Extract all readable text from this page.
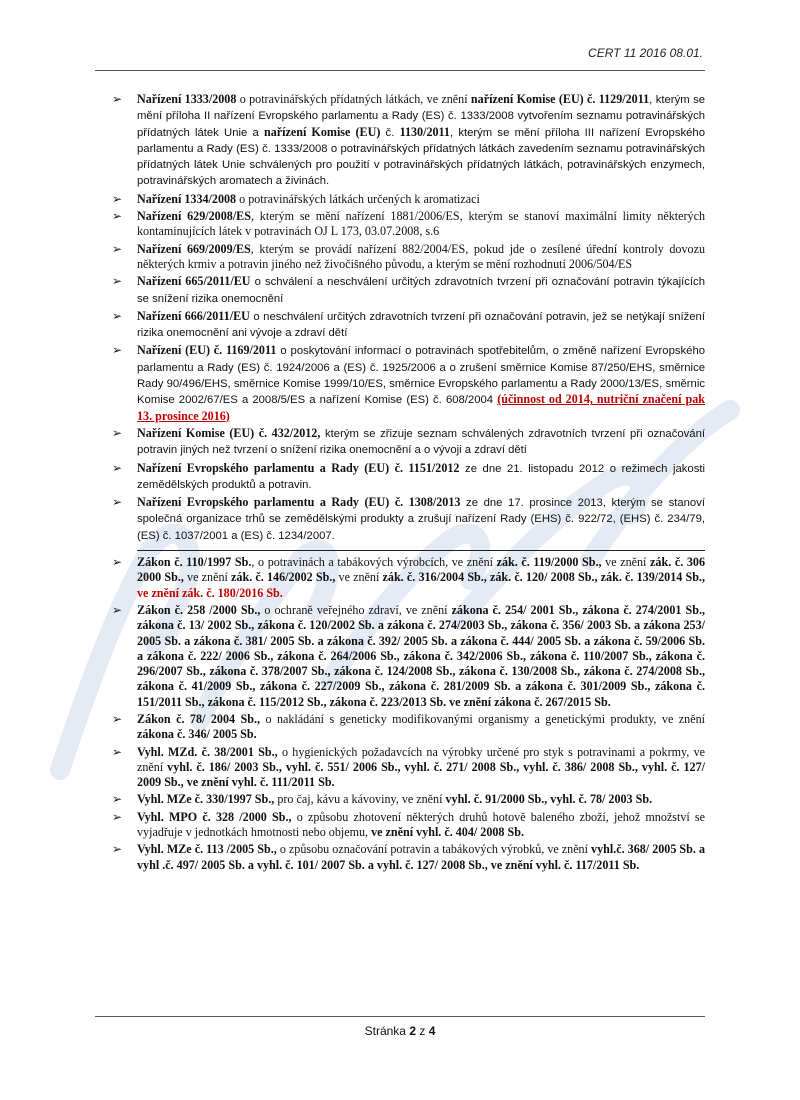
CERT 11 2016 08.01.
➢ Nařízení 1333/2008 o potravinářských přídatných látkách, ve znění nařízení Komise (EU) č. 1129/2011, kterým se mění příloha II nařízení Evropského parlamentu a Rady (ES) č. 1333/2008 vytvořením seznamu potravinářských přídatných látek Unie a nařízení Komise (EU) č. 1130/2011, kterým se mění příloha III nařízení Evropského parlamentu a Rady (ES) č. 1333/2008 o potravinářských přídatných látkách zavedením seznamu potravinářských přídatných látek Unie schválených pro použití v potravinářských přídatných látkách, potravinářských enzymech, potravinářských aromatech a živinách.
➢ Nařízení 1334/2008 o potravinářských látkách určených k aromatizaci
➢ Nařízení 629/2008/ES, kterým se mění nařízení 1881/2006/ES, kterým se stanoví maximální limity některých kontaminujících látek v potravinách OJ L 173, 03.07.2008, s.6
➢ Nařízení 669/2009/ES, kterým se provádí nařízení 882/2004/ES, pokud jde o zesílené úřední kontroly dovozu některých krmiv a potravin jiného než živočišného původu, a kterým se mění rozhodnutí 2006/504/ES
➢ Nařízení 665/2011/EU o schválení a neschválení určitých zdravotních tvrzení při označování potravin týkajících se snížení rizika onemocnění
➢ Nařízení 666/2011/EU o neschválení určitých zdravotních tvrzení při označování potravin, jež se netýkají snížení rizika onemocnění ani vývoje a zdraví dětí
➢ Nařízení (EU) č. 1169/2011 o poskytování informací o potravinách spotřebitelům, o změně nařízení Evropského parlamentu a Rady (ES) č. 1924/2006 a (ES) č. 1925/2006 a o zrušení směrnice Komise 87/250/EHS, směrnice Rady 90/496/EHS, směrnice Komise 1999/10/ES, směrnice Evropského parlamentu a Rady 2000/13/ES, směrnic Komise 2002/67/ES a 2008/5/ES a nařízení Komise (ES) č. 608/2004 (účinnost od 2014, nutriční značení pak 13. prosince 2016)
➢ Nařízení Komise (EU) č. 432/2012, kterým se zřizuje seznam schválených zdravotních tvrzení při označování potravin jiných než tvrzení o snížení rizika onemocnění a o vývoji a zdraví dětí
➢ Nařízení Evropského parlamentu a Rady (EU) č. 1151/2012 ze dne 21. listopadu 2012 o režimech jakosti zemědělských produktů a potravin.
➢ Nařízení Evropského parlamentu a Rady (EU) č. 1308/2013 ze dne 17. prosince 2013, kterým se stanoví společná organizace trhů se zemědělskými produkty a zrušují nařízení Rady (EHS) č. 922/72, (EHS) č. 234/79, (ES) č. 1037/2001 a (ES) č. 1234/2007.
➢ Zákon č. 110/1997 Sb., o potravinách a tabákových výrobcích, ve znění zák. č. 119/2000 Sb., ve znění zák. č. 306 2000 Sb., ve znění zák. č. 146/2002 Sb., ve znění zák. č. 316/2004 Sb., zák. č. 120/ 2008 Sb., zák. č. 139/2014 Sb., ve znění zák. č. 180/2016 Sb.
➢ Zákon č. 258 /2000 Sb., o ochraně veřejného zdraví, ve znění zákona č. 254/ 2001 Sb., zákona č. 274/2001 Sb., zákona č. 13/ 2002 Sb., zákona č. 120/2002 Sb. a zákona č. 274/2003 Sb., zákona č. 356/ 2003 Sb. a zákona 253/ 2005 Sb. a zákona č. 381/ 2005 Sb. a zákona č. 392/ 2005 Sb. a zákona č. 444/ 2005 Sb. a zákona č. 59/2006 Sb. a zákona č. 222/ 2006 Sb., zákona č. 264/2006 Sb., zákona č. 342/2006 Sb., zákona č. 110/2007 Sb., zákona č. 296/2007 Sb., zákona č. 378/2007 Sb., zákona č. 124/2008 Sb., zákona č. 130/2008 Sb., zákona č. 274/2008 Sb., zákona č. 41/2009 Sb., zákona č. 227/2009 Sb., zákona č. 281/2009 Sb. a zákona č. 301/2009 Sb., zákona č. 151/2011 Sb., zákona č. 115/2012 Sb., zákona č. 223/2013 Sb. ve znění zákona č. 267/2015 Sb.
➢ Zákon č. 78/ 2004 Sb., o nakládání s geneticky modifikovanými organismy a genetickými produkty, ve znění zákona č. 346/ 2005 Sb.
➢ Vyhl. MZd. č. 38/2001 Sb., o hygienických požadavcích na výrobky určené pro styk s potravinami a pokrmy, ve znění vyhl. č. 186/ 2003 Sb., vyhl. č. 551/ 2006 Sb., vyhl. č. 271/ 2008 Sb., vyhl. č. 386/ 2008 Sb., vyhl. č. 127/ 2009 Sb., ve znění vyhl. č. 111/2011 Sb.
➢ Vyhl. MZe č. 330/1997 Sb., pro čaj, kávu a kávoviny, ve znění vyhl. č. 91/2000 Sb., vyhl. č. 78/ 2003 Sb.
➢ Vyhl. MPO č. 328 /2000 Sb., o způsobu zhotovení některých druhů hotově baleného zboží, jehož množství se vyjadřuje v jednotkách hmotnosti nebo objemu, ve znění vyhl. č. 404/ 2008 Sb.
➢ Vyhl. MZe č. 113 /2005 Sb., o způsobu označování potravin a tabákových výrobků, ve znění vyhl.č. 368/ 2005 Sb. a vyhl .č. 497/ 2005 Sb. a vyhl. č. 101/ 2007 Sb. a vyhl. č. 127/ 2008 Sb., ve znění vyhl. č. 117/2011 Sb.
Stránka 2 z 4
